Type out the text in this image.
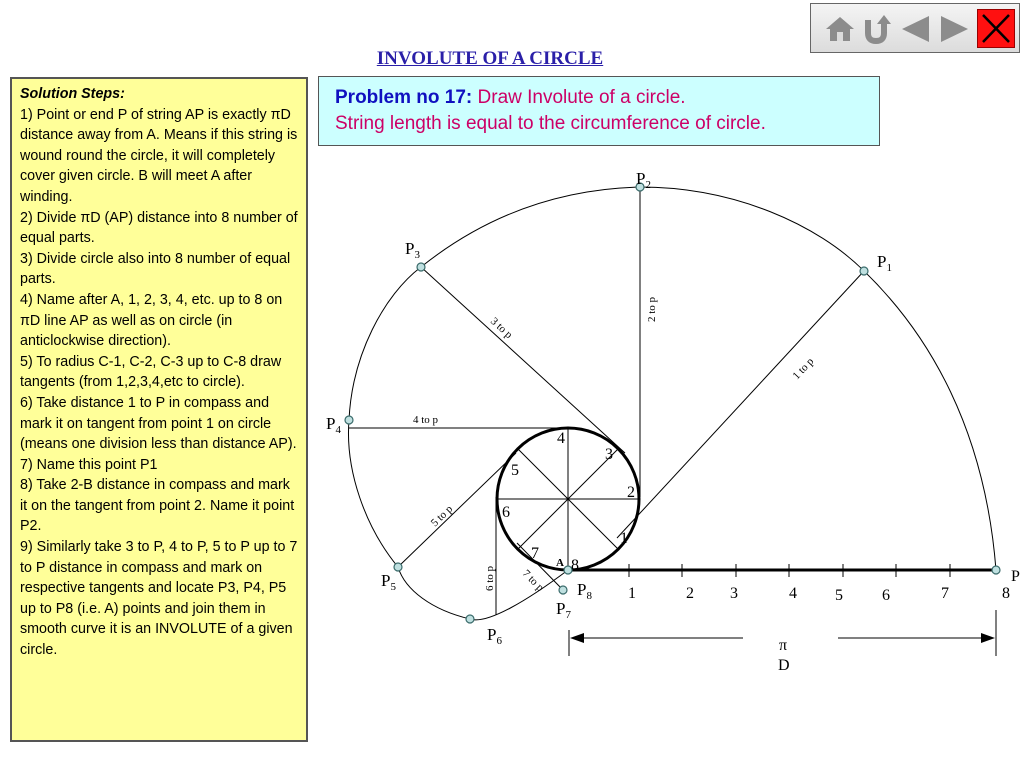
INVOLUTE OF A CIRCLE
Solution Steps:
1) Point or end P of string AP is exactly πD distance away from A. Means if this string is wound round the circle, it will completely cover given circle. B will meet A after winding.
2) Divide πD (AP) distance into 8 number of equal parts.
3) Divide circle also into 8 number of equal parts.
4) Name after A, 1, 2, 3, 4, etc. up to 8 on πD line AP as well as on circle (in anticlockwise direction).
5) To radius C-1, C-2, C-3 up to C-8 draw tangents (from 1,2,3,4,etc to circle).
6) Take distance 1 to P in compass and mark it on tangent from point 1 on circle (means one division less than distance AP).
7) Name this point P1
8) Take 2-B distance in compass and mark it on the tangent from point 2. Name it point P2.
9) Similarly take 3 to P, 4 to P, 5 to P up to 7 to P distance in compass and mark on respective tangents and locate P3, P4, P5 up to P8 (i.e. A) points and join them in smooth curve it is an INVOLUTE of a given circle.
Problem no 17: Draw Involute of a circle.
String length is equal to the circumference of circle.
1
2
3
4
5
6
7
8
A
1	2 3	4 5 6	7	8
P
$P_1$
$P_2$
$P_3$
$P_4$
$P_5$
$P_6$
$P_7$
$P_8$
1 to p
2 to p
3 to p
4 to p
5 to p
6 to p 7 to p
π
D
